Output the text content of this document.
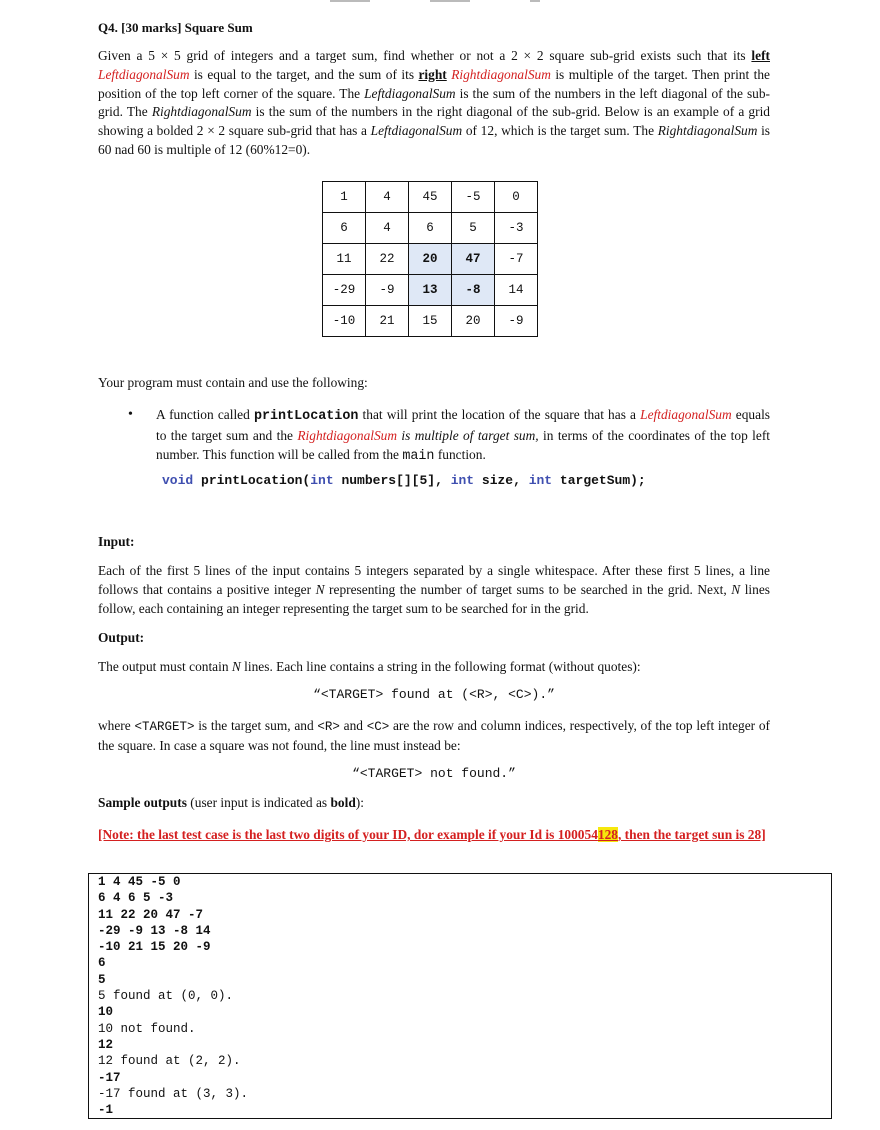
Q4. [30 marks] Square Sum
Given a 5 × 5 grid of integers and a target sum, find whether or not a 2 × 2 square sub-grid exists such that its left LeftdiagonalSum is equal to the target, and the sum of its right RightdiagonalSum is multiple of the target. Then print the position of the top left corner of the square. The LeftdiagonalSum is the sum of the numbers in the left diagonal of the sub-grid. The RightdiagonalSum is the sum of the numbers in the right diagonal of the sub-grid. Below is an example of a grid showing a bolded 2 × 2 square sub-grid that has a LeftdiagonalSum of 12, which is the target sum. The RightdiagonalSum is 60 nad 60 is multiple of 12 (60%12=0).
1	4	45	-5	0
6	4	6	5	-3
11	22	20	47	-7
-29	-9	13	-8	14
-10	21	15	20	-9
Your program must contain and use the following:
• A function called printLocation that will print the location of the square that has a LeftdiagonalSum equals to the target sum and the RightdiagonalSum is multiple of target sum, in terms of the coordinates of the top left number. This function will be called from the main function.
void printLocation(int numbers[][5], int size, int targetSum);
Input:
Each of the first 5 lines of the input contains 5 integers separated by a single whitespace. After these first 5 lines, a line follows that contains a positive integer N representing the number of target sums to be searched in the grid. Next, N lines follow, each containing an integer representing the target sum to be searched for in the grid.
Output:
The output must contain N lines. Each line contains a string in the following format (without quotes):
“<TARGET> found at (<R>, <C>).”
where <TARGET> is the target sum, and <R> and <C> are the row and column indices, respectively, of the top left integer of the square. In case a square was not found, the line must instead be:
“<TARGET> not found.”
Sample outputs (user input is indicated as bold):
[Note: the last test case is the last two digits of your ID, dor example if your Id is 100054128, then the target sun is 28]
1 4 45 -5 0
6 4 6 5 -3
11 22 20 47 -7
-29 -9 13 -8 14
-10 21 15 20 -9
6
5
5 found at (0, 0).
10
10 not found.
12
12 found at (2, 2).
-17
-17 found at (3, 3).
-1
